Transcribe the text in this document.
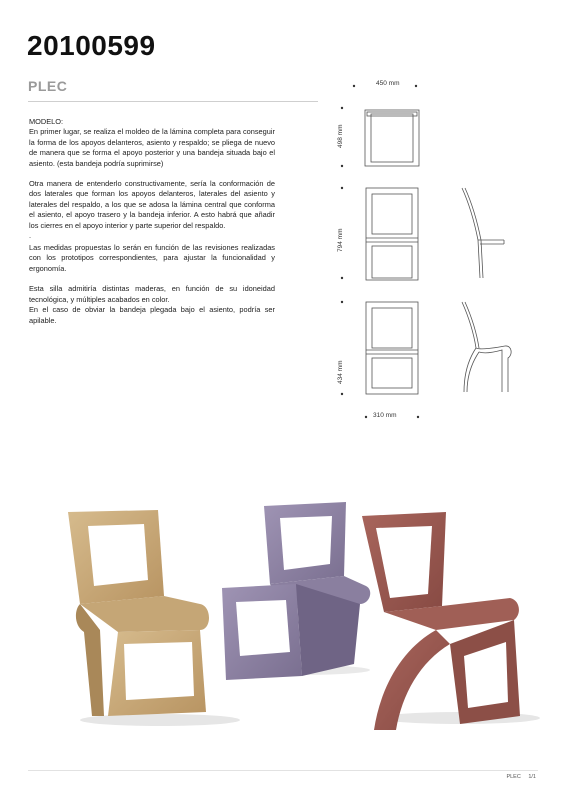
20100599
PLEC

MODELO:

En primer lugar, se realiza el moldeo de la lámina completa para conseguir la forma de los apoyos delanteros, asiento y respaldo; se pliega de nuevo de manera que se forma el apoyo posterior y una bandeja situada bajo el asiento. (esta bandeja podría suprimirse)

Otra manera de entenderlo constructivamente, sería la conformación de dos laterales que forman los apoyos delanteros, laterales del asiento y laterales del respaldo, a los que se adosa la lámina central que conforma el asiento, el apoyo trasero y la bandeja inferior. A esto habrá que añadir los cierres en el apoyo interior y parte superior del respaldo.

.

Las medidas propuestas lo serán en función de las revisiones realizadas con los prototipos correspondientes, para ajustar la funcionalidad y ergonomía.

Esta silla admitiría distintas maderas, en función de su idoneidad tecnológica, y múltiples acabados en color.

En el caso de obviar la bandeja plegada bajo el asiento, podría ser apilable.

450 mm
498 mm
794 mm
434 mm
310 mm
PLEC 1/1
